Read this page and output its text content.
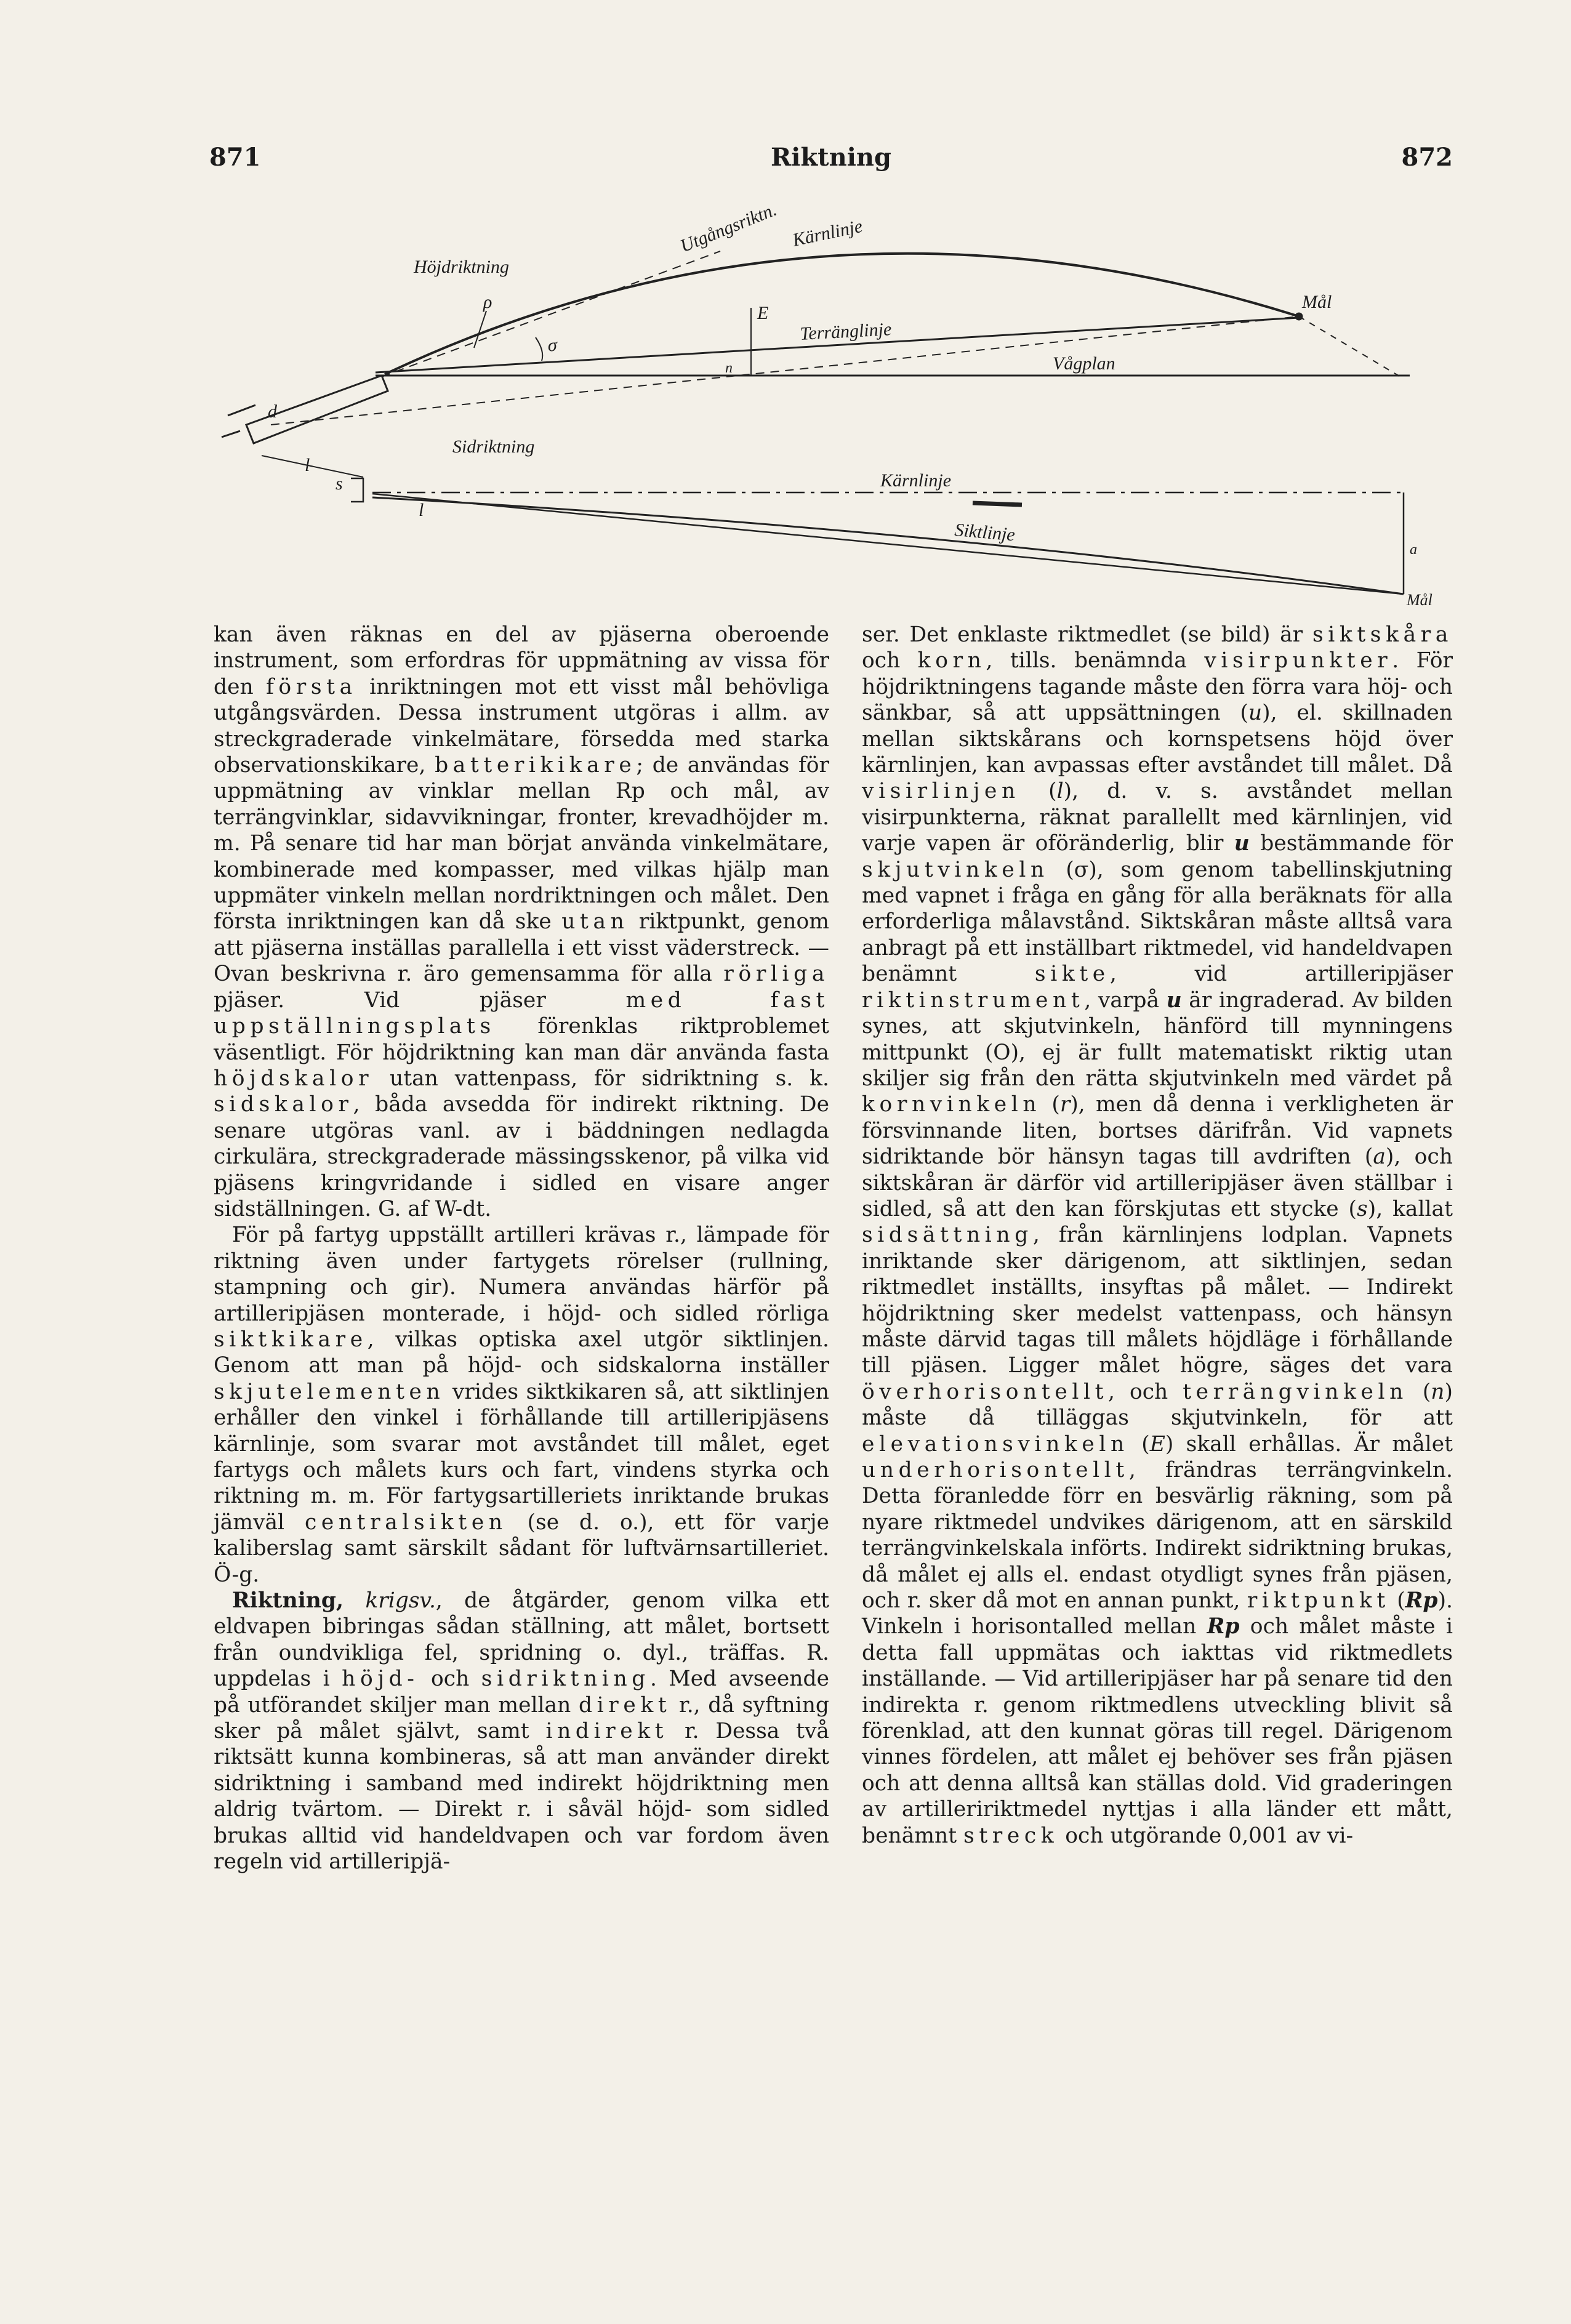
871	Riktning	872
Höjdriktning
Utgångsriktn. Kärnlinje
Terränglinje
Vågplan
Mål
ρ
σ
E
n
d
l
Sidriktning
s
l
Kärnlinje
Siktlinje
a
Mål

kan även räknas en del av pjäserna oberoende instrument, som erfordras för uppmätning av vissa för den första inriktningen mot ett visst mål behövliga utgångsvärden. Dessa instrument utgöras i allm. av streckgraderade vinkelmätare, försedda med starka observationskikare, batterikikare; de användas för uppmätning av vinklar mellan Rp och mål, av terrängvinklar, sidavvikningar, fronter, krevadhöjder m. m. På senare tid har man börjat använda vinkelmätare, kombinerade med kompasser, med vilkas hjälp man uppmäter vinkeln mellan nordriktningen och målet. Den första inriktningen kan då ske utan riktpunkt, genom att pjäserna inställas parallella i ett visst väderstreck. — Ovan beskrivna r. äro gemensamma för alla rörliga pjäser. Vid pjäser med fast uppställningsplats förenklas riktproblemet väsentligt. För höjdriktning kan man där använda fasta höjdskalor utan vattenpass, för sidriktning s. k. sidskalor, båda avsedda för indirekt riktning. De senare utgöras vanl. av i bäddningen nedlagda cirkulära, streckgraderade mässingsskenor, på vilka vid pjäsens kringvridande i sidled en visare anger sidställningen. G. af W-dt.

För på fartyg uppställt artilleri krävas r., lämpade för riktning även under fartygets rörelser (rullning, stampning och gir). Numera användas härför på artilleripjäsen monterade, i höjd- och sidled rörliga siktkikare, vilkas optiska axel utgör siktlinjen. Genom att man på höjd- och sidskalorna inställer skjutelementen vrides siktkikaren så, att siktlinjen erhåller den vinkel i förhållande till artilleripjäsens kärnlinje, som svarar mot avståndet till målet, eget fartygs och målets kurs och fart, vindens styrka och riktning m. m. För fartygsartilleriets inriktande brukas jämväl centralsikten (se d. o.), ett för varje kaliberslag samt särskilt sådant för luftvärnsartilleriet. Ö-g.

Riktning, krigsv., de åtgärder, genom vilka ett eldvapen bibringas sådan ställning, att målet, bortsett från oundvikliga fel, spridning o. dyl., träffas. R. uppdelas i höjd- och sidriktning. Med avseende på utförandet skiljer man mellan direkt r., då syftning sker på målet självt, samt indirekt r. Dessa två riktsätt kunna kombineras, så att man använder direkt sidriktning i samband med indirekt höjdriktning men aldrig tvärtom. — Direkt r. i såväl höjd- som sidled brukas alltid vid handeldvapen och var fordom även regeln vid artilleripjä-

ser. Det enklaste riktmedlet (se bild) är siktskåra och korn, tills. benämnda visirpunkter. För höjdriktningens tagande måste den förra vara höj- och sänkbar, så att uppsättningen (u), el. skillnaden mellan siktskårans och kornspetsens höjd över kärnlinjen, kan avpassas efter avståndet till målet. Då visirlinjen (l), d. v. s. avståndet mellan visirpunkterna, räknat parallellt med kärnlinjen, vid varje vapen är oföränderlig, blir u bestämmande för skjutvinkeln (σ), som genom tabellinskjutning med vapnet i fråga en gång för alla beräknats för alla erforderliga målavstånd. Siktskåran måste alltså vara anbragt på ett inställbart riktmedel, vid handeldvapen benämnt sikte, vid artilleripjäser riktinstrument, varpå u är ingraderad. Av bilden synes, att skjutvinkeln, hänförd till mynningens mittpunkt (O), ej är fullt matematiskt riktig utan skiljer sig från den rätta skjutvinkeln med värdet på kornvinkeln (r), men då denna i verkligheten är försvinnande liten, bortses därifrån. Vid vapnets sidriktande bör hänsyn tagas till avdriften (a), och siktskåran är därför vid artilleripjäser även ställbar i sidled, så att den kan förskjutas ett stycke (s), kallat sidsättning, från kärnlinjens lodplan. Vapnets inriktande sker därigenom, att siktlinjen, sedan riktmedlet inställts, insyftas på målet. — Indirekt höjdriktning sker medelst vattenpass, och hänsyn måste därvid tagas till målets höjdläge i förhållande till pjäsen. Ligger målet högre, säges det vara överhorisontellt, och terrängvinkeln (n) måste då tilläggas skjutvinkeln, för att elevationsvinkeln (E) skall erhållas. Är målet underhorisontellt, frändras terrängvinkeln. Detta föranledde förr en besvärlig räkning, som på nyare riktmedel undvikes därigenom, att en särskild terrängvinkelskala införts. Indirekt sidriktning brukas, då målet ej alls el. endast otydligt synes från pjäsen, och r. sker då mot en annan punkt, riktpunkt (Rp). Vinkeln i horisontalled mellan Rp och målet måste i detta fall uppmätas och iakttas vid riktmedlets inställande. — Vid artilleripjäser har på senare tid den indirekta r. genom riktmedlens utveckling blivit så förenklad, att den kunnat göras till regel. Därigenom vinnes fördelen, att målet ej behöver ses från pjäsen och att denna alltså kan ställas dold. Vid graderingen av artilleririktmedel nyttjas i alla länder ett mått, benämnt streck och utgörande 0,001 av vi-
